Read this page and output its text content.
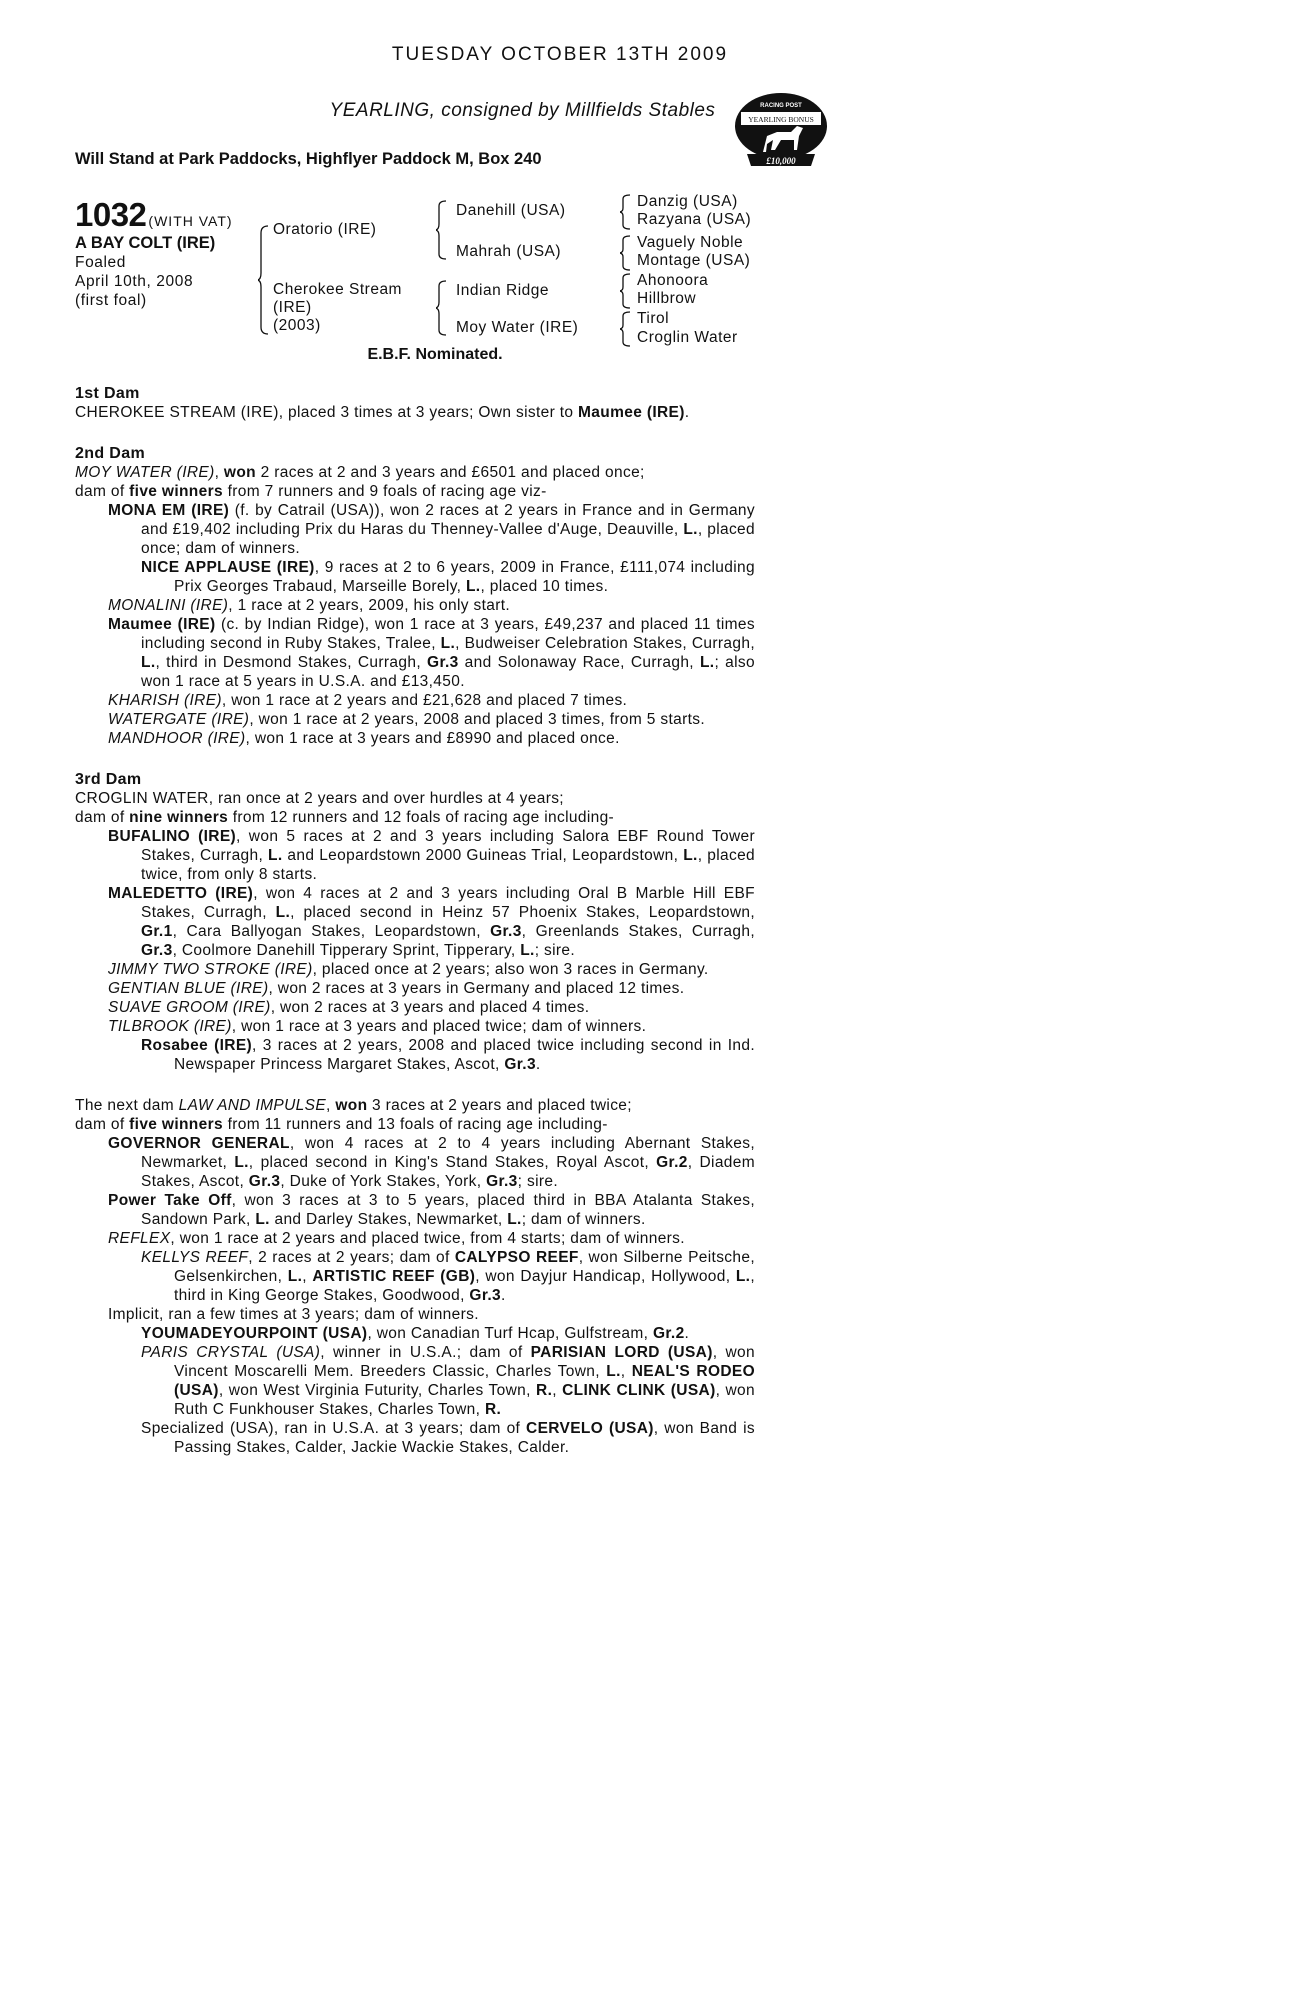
TUESDAY OCTOBER 13TH 2009
YEARLING, consigned by Millfields Stables
Will Stand at Park Paddocks, Highflyer Paddock M, Box 240
RACING POST
YEARLING BONUS
£10,000
1032 (WITH VAT)
A BAY COLT (IRE)
Foaled
April 10th, 2008
(first foal)
Oratorio (IRE)
Cherokee Stream
(IRE)
(2003)
Danehill (USA)
Mahrah (USA)
Indian Ridge
Moy Water (IRE)
Danzig (USA)
Razyana (USA)
Vaguely Noble
Montage (USA)
Ahonoora
Hillbrow
Tirol
Croglin Water
E.B.F. Nominated.

1st Dam

CHEROKEE STREAM (IRE), placed 3 times at 3 years; Own sister to Maumee (IRE).

2nd Dam

MOY WATER (IRE), won 2 races at 2 and 3 years and £6501 and placed once;

dam of five winners from 7 runners and 9 foals of racing age viz-

MONA EM (IRE) (f. by Catrail (USA)), won 2 races at 2 years in France and in Germany and £19,402 including Prix du Haras du Thenney-Vallee d'Auge, Deauville, L., placed once; dam of winners.

NICE APPLAUSE (IRE), 9 races at 2 to 6 years, 2009 in France, £111,074 including Prix Georges Trabaud, Marseille Borely, L., placed 10 times.

MONALINI (IRE), 1 race at 2 years, 2009, his only start.

Maumee (IRE) (c. by Indian Ridge), won 1 race at 3 years, £49,237 and placed 11 times including second in Ruby Stakes, Tralee, L., Budweiser Celebration Stakes, Curragh, L., third in Desmond Stakes, Curragh, Gr.3 and Solonaway Race, Curragh, L.; also won 1 race at 5 years in U.S.A. and £13,450.

KHARISH (IRE), won 1 race at 2 years and £21,628 and placed 7 times.

WATERGATE (IRE), won 1 race at 2 years, 2008 and placed 3 times, from 5 starts.

MANDHOOR (IRE), won 1 race at 3 years and £8990 and placed once.

3rd Dam

CROGLIN WATER, ran once at 2 years and over hurdles at 4 years;

dam of nine winners from 12 runners and 12 foals of racing age including-

BUFALINO (IRE), won 5 races at 2 and 3 years including Salora EBF Round Tower Stakes, Curragh, L. and Leopardstown 2000 Guineas Trial, Leopardstown, L., placed twice, from only 8 starts.

MALEDETTO (IRE), won 4 races at 2 and 3 years including Oral B Marble Hill EBF Stakes, Curragh, L., placed second in Heinz 57 Phoenix Stakes, Leopardstown, Gr.1, Cara Ballyogan Stakes, Leopardstown, Gr.3, Greenlands Stakes, Curragh, Gr.3, Coolmore Danehill Tipperary Sprint, Tipperary, L.; sire.

JIMMY TWO STROKE (IRE), placed once at 2 years; also won 3 races in Germany.

GENTIAN BLUE (IRE), won 2 races at 3 years in Germany and placed 12 times.

SUAVE GROOM (IRE), won 2 races at 3 years and placed 4 times.

TILBROOK (IRE), won 1 race at 3 years and placed twice; dam of winners.

Rosabee (IRE), 3 races at 2 years, 2008 and placed twice including second in Ind. Newspaper Princess Margaret Stakes, Ascot, Gr.3.

The next dam LAW AND IMPULSE, won 3 races at 2 years and placed twice;

dam of five winners from 11 runners and 13 foals of racing age including-

GOVERNOR GENERAL, won 4 races at 2 to 4 years including Abernant Stakes, Newmarket, L., placed second in King's Stand Stakes, Royal Ascot, Gr.2, Diadem Stakes, Ascot, Gr.3, Duke of York Stakes, York, Gr.3; sire.

Power Take Off, won 3 races at 3 to 5 years, placed third in BBA Atalanta Stakes, Sandown Park, L. and Darley Stakes, Newmarket, L.; dam of winners.

REFLEX, won 1 race at 2 years and placed twice, from 4 starts; dam of winners.

KELLYS REEF, 2 races at 2 years; dam of CALYPSO REEF, won Silberne Peitsche, Gelsenkirchen, L., ARTISTIC REEF (GB), won Dayjur Handicap, Hollywood, L., third in King George Stakes, Goodwood, Gr.3.

Implicit, ran a few times at 3 years; dam of winners.

YOUMADEYOURPOINT (USA), won Canadian Turf Hcap, Gulfstream, Gr.2.

PARIS CRYSTAL (USA), winner in U.S.A.; dam of PARISIAN LORD (USA), won Vincent Moscarelli Mem. Breeders Classic, Charles Town, L., NEAL'S RODEO (USA), won West Virginia Futurity, Charles Town, R., CLINK CLINK (USA), won Ruth C Funkhouser Stakes, Charles Town, R.

Specialized (USA), ran in U.S.A. at 3 years; dam of CERVELO (USA), won Band is Passing Stakes, Calder, Jackie Wackie Stakes, Calder.
